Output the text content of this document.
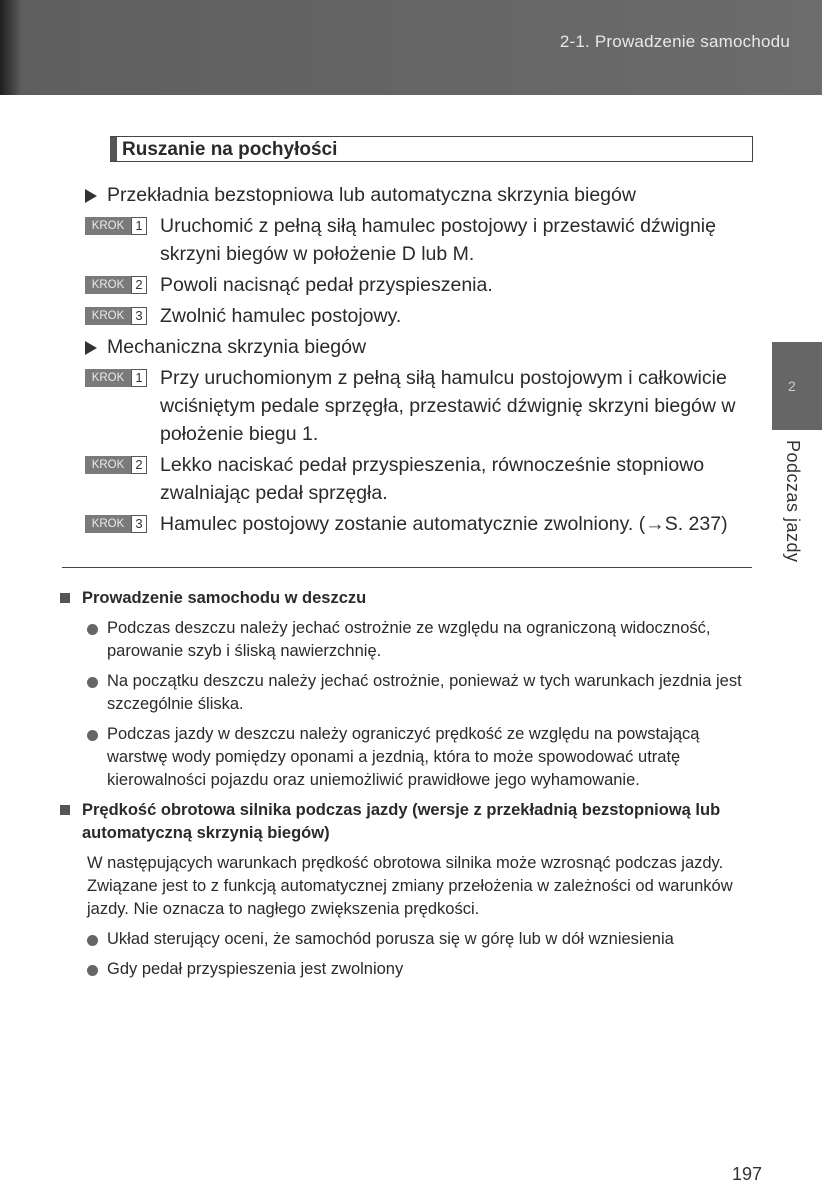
2-1. Prowadzenie samochodu
Ruszanie na pochyłości
Przekładnia bezstopniowa lub automatyczna skrzynia biegów
KROK 1 Uruchomić z pełną siłą hamulec postojowy i przestawić dźwignię skrzyni biegów w położenie D lub M.
KROK 2 Powoli nacisnąć pedał przyspieszenia.
KROK 3 Zwolnić hamulec postojowy.
Mechaniczna skrzynia biegów
KROK 1 Przy uruchomionym z pełną siłą hamulcu postojowym i całkowicie wciśniętym pedale sprzęgła, przestawić dźwignię skrzyni biegów w położenie biegu 1.
KROK 2 Lekko naciskać pedał przyspieszenia, równocześnie stopniowo zwalniając pedał sprzęgła.
KROK 3 Hamulec postojowy zostanie automatycznie zwolniony. (→S. 237)
Prowadzenie samochodu w deszczu
Podczas deszczu należy jechać ostrożnie ze względu na ograniczoną widoczność, parowanie szyb i śliską nawierzchnię.
Na początku deszczu należy jechać ostrożnie, ponieważ w tych warunkach jezdnia jest szczególnie śliska.
Podczas jazdy w deszczu należy ograniczyć prędkość ze względu na powstającą warstwę wody pomiędzy oponami a jezdnią, która to może spowodować utratę kierowalności pojazdu oraz uniemożliwić prawidłowe jego wyhamowanie.
Prędkość obrotowa silnika podczas jazdy (wersje z przekładnią bezstopniową lub automatyczną skrzynią biegów)
W następujących warunkach prędkość obrotowa silnika może wzrosnąć podczas jazdy. Związane jest to z funkcją automatycznej zmiany przełożenia w zależności od warunków jazdy. Nie oznacza to nagłego zwiększenia prędkości.
Układ sterujący oceni, że samochód porusza się w górę lub w dół wzniesienia
Gdy pedał przyspieszenia jest zwolniony
2
Podczas jazdy
197
